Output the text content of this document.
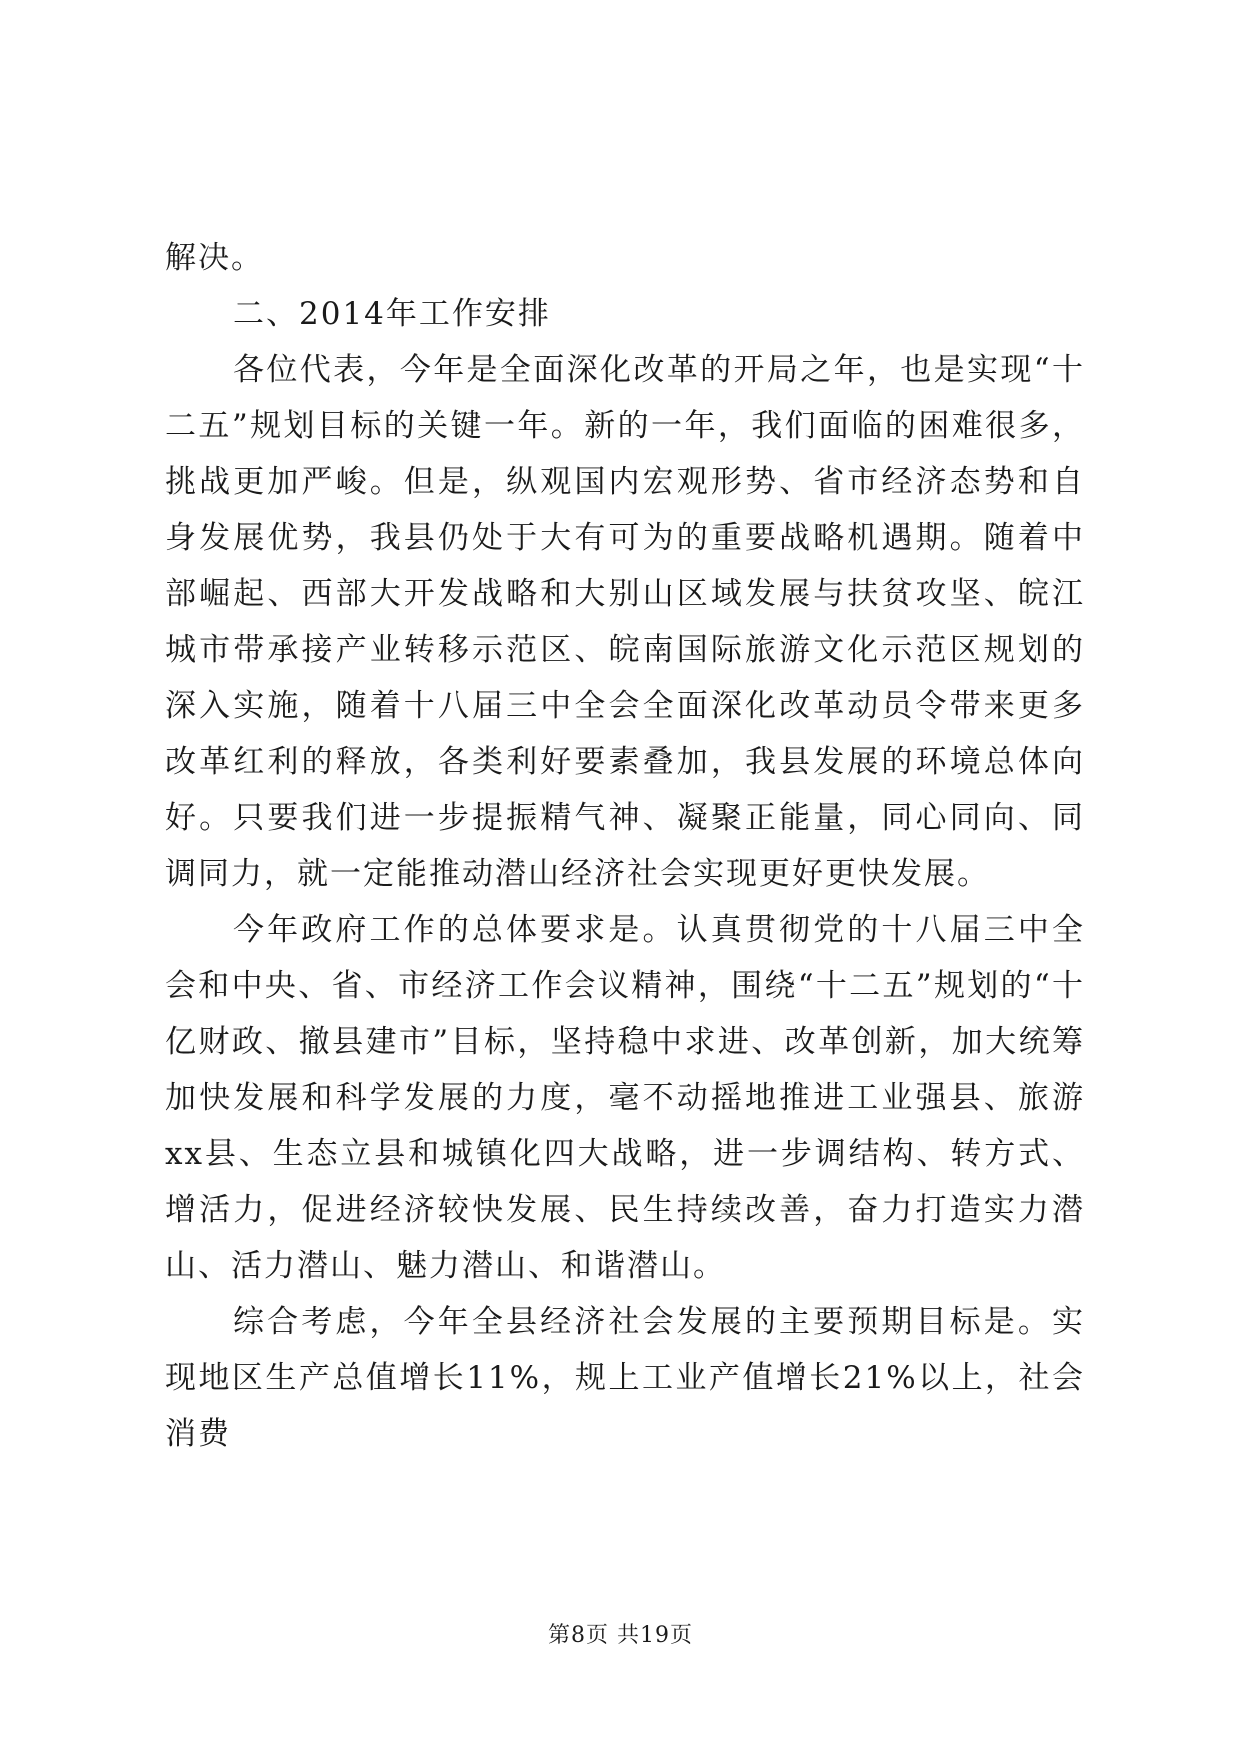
解决。

二、2014年工作安排

各位代表，今年是全面深化改革的开局之年，也是实现“十二五”规划目标的关键一年。新的一年，我们面临的困难很多，挑战更加严峻。但是，纵观国内宏观形势、省市经济态势和自身发展优势，我县仍处于大有可为的重要战略机遇期。随着中部崛起、西部大开发战略和大别山区域发展与扶贫攻坚、皖江城市带承接产业转移示范区、皖南国际旅游文化示范区规划的深入实施，随着十八届三中全会全面深化改革动员令带来更多改革红利的释放，各类利好要素叠加，我县发展的环境总体向好。只要我们进一步提振精气神、凝聚正能量，同心同向、同调同力，就一定能推动潜山经济社会实现更好更快发展。

今年政府工作的总体要求是。认真贯彻党的十八届三中全会和中央、省、市经济工作会议精神，围绕“十二五”规划的“十亿财政、撤县建市”目标，坚持稳中求进、改革创新，加大统筹加快发展和科学发展的力度，毫不动摇地推进工业强县、旅游xx县、生态立县和城镇化四大战略，进一步调结构、转方式、增活力，促进经济较快发展、民生持续改善，奋力打造实力潜山、活力潜山、魅力潜山、和谐潜山。

综合考虑，今年全县经济社会发展的主要预期目标是。实现地区生产总值增长11%，规上工业产值增长21%以上，社会消费

第8页 共19页
